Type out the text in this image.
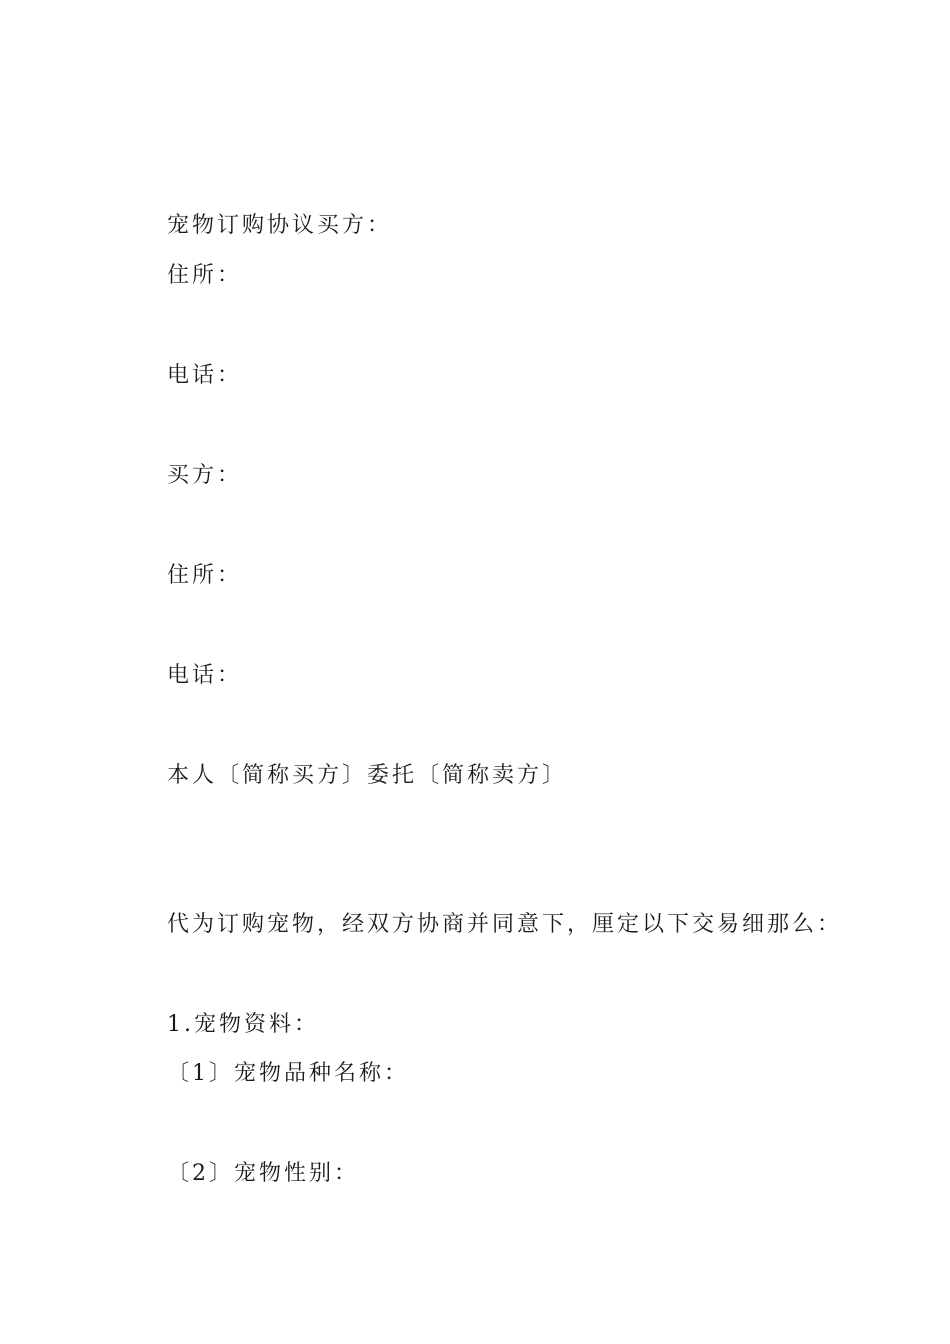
宠物订购协议买方：
住所：
电话：
买方：
住所：
电话：
本人〔简称买方〕委托〔简称卖方〕
代为订购宠物，经双方协商并同意下，厘定以下交易细那么：
1.宠物资料：
〔1〕宠物品种名称：
〔2〕宠物性别：
